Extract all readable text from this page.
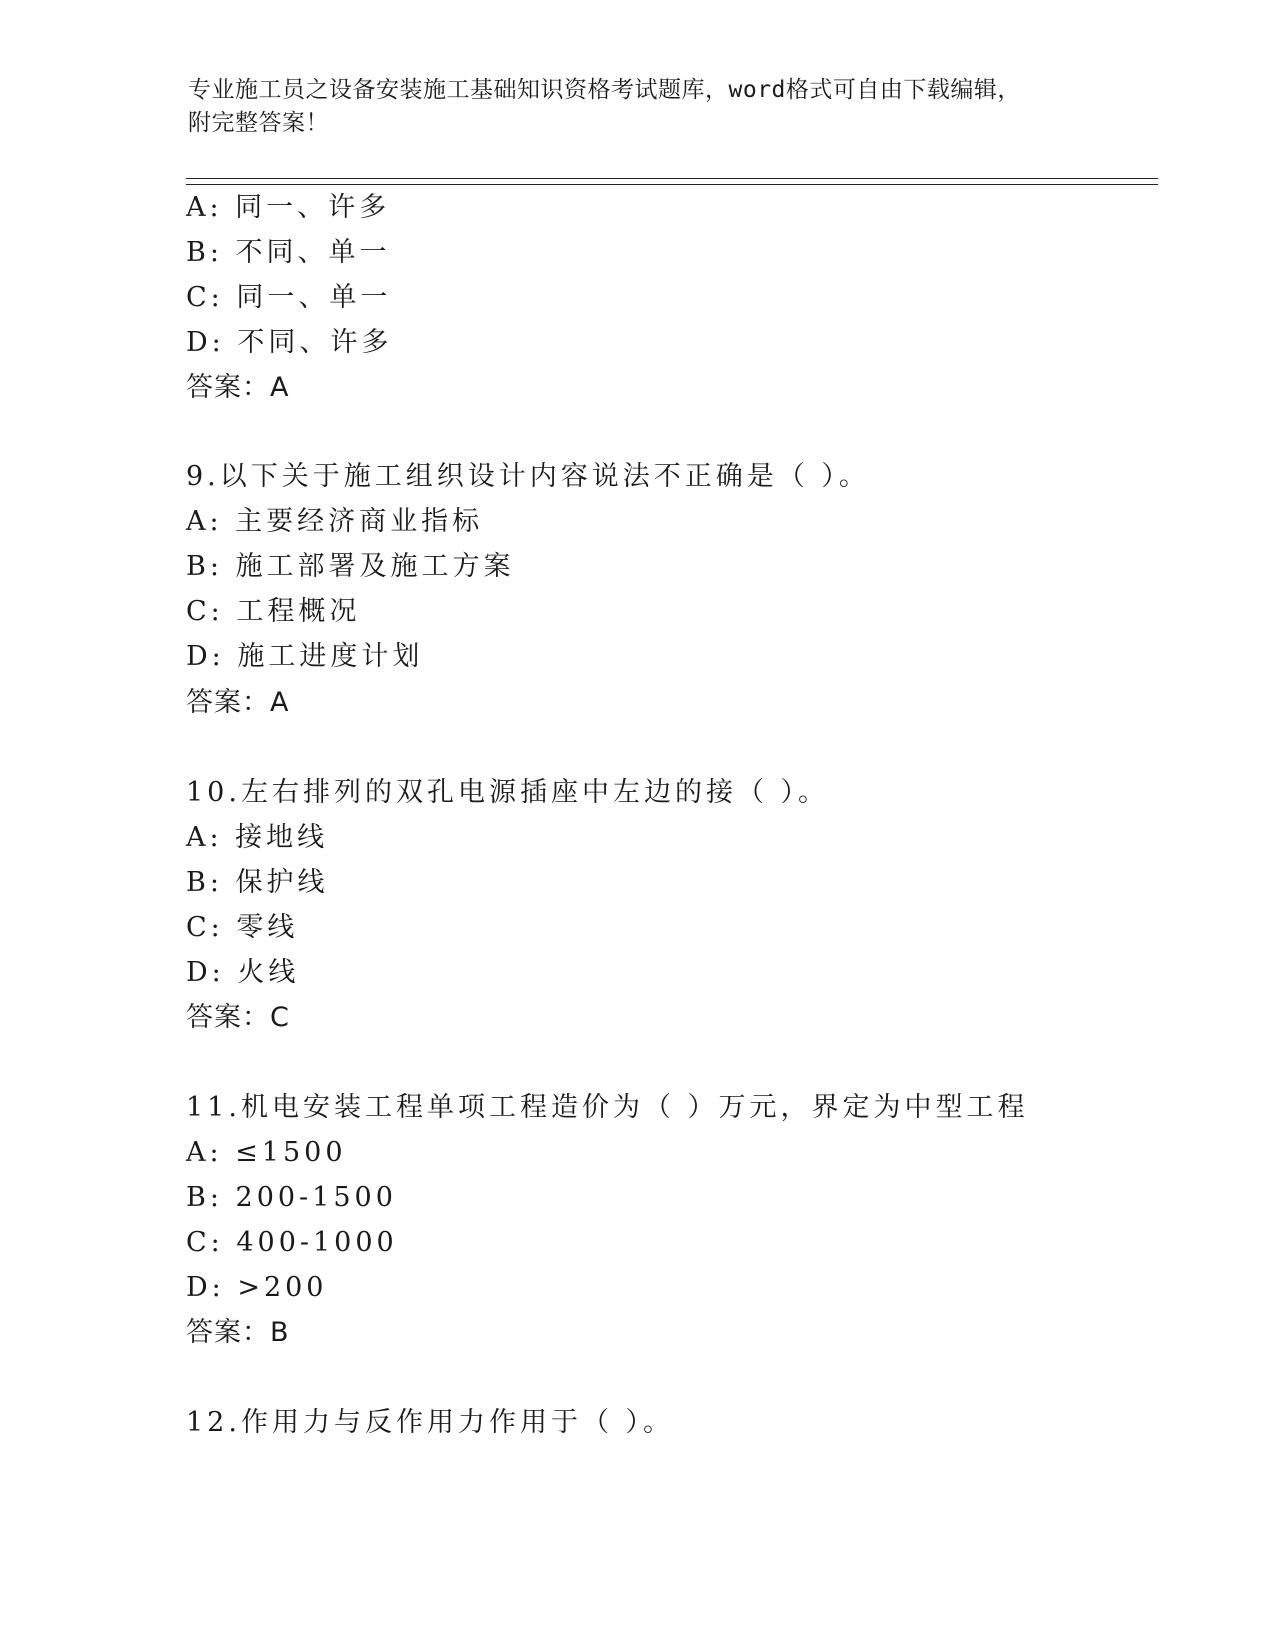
专业施工员之设备安装施工基础知识资格考试题库，word格式可自由下载编辑，
附完整答案！
A: 同一、许多
B: 不同、单一
C: 同一、单一
D: 不同、许多
答案：A
9.以下关于施工组织设计内容说法不正确是（ ）。
A: 主要经济商业指标
B: 施工部署及施工方案
C: 工程概况
D: 施工进度计划
答案：A
10.左右排列的双孔电源插座中左边的接（ ）。
A: 接地线
B: 保护线
C: 零线
D: 火线
答案：C
11.机电安装工程单项工程造价为（ ）万元，界定为中型工程
A: ≤1500
B: 200-1500
C: 400-1000
D: >200
答案：B
12.作用力与反作用力作用于（ ）。
